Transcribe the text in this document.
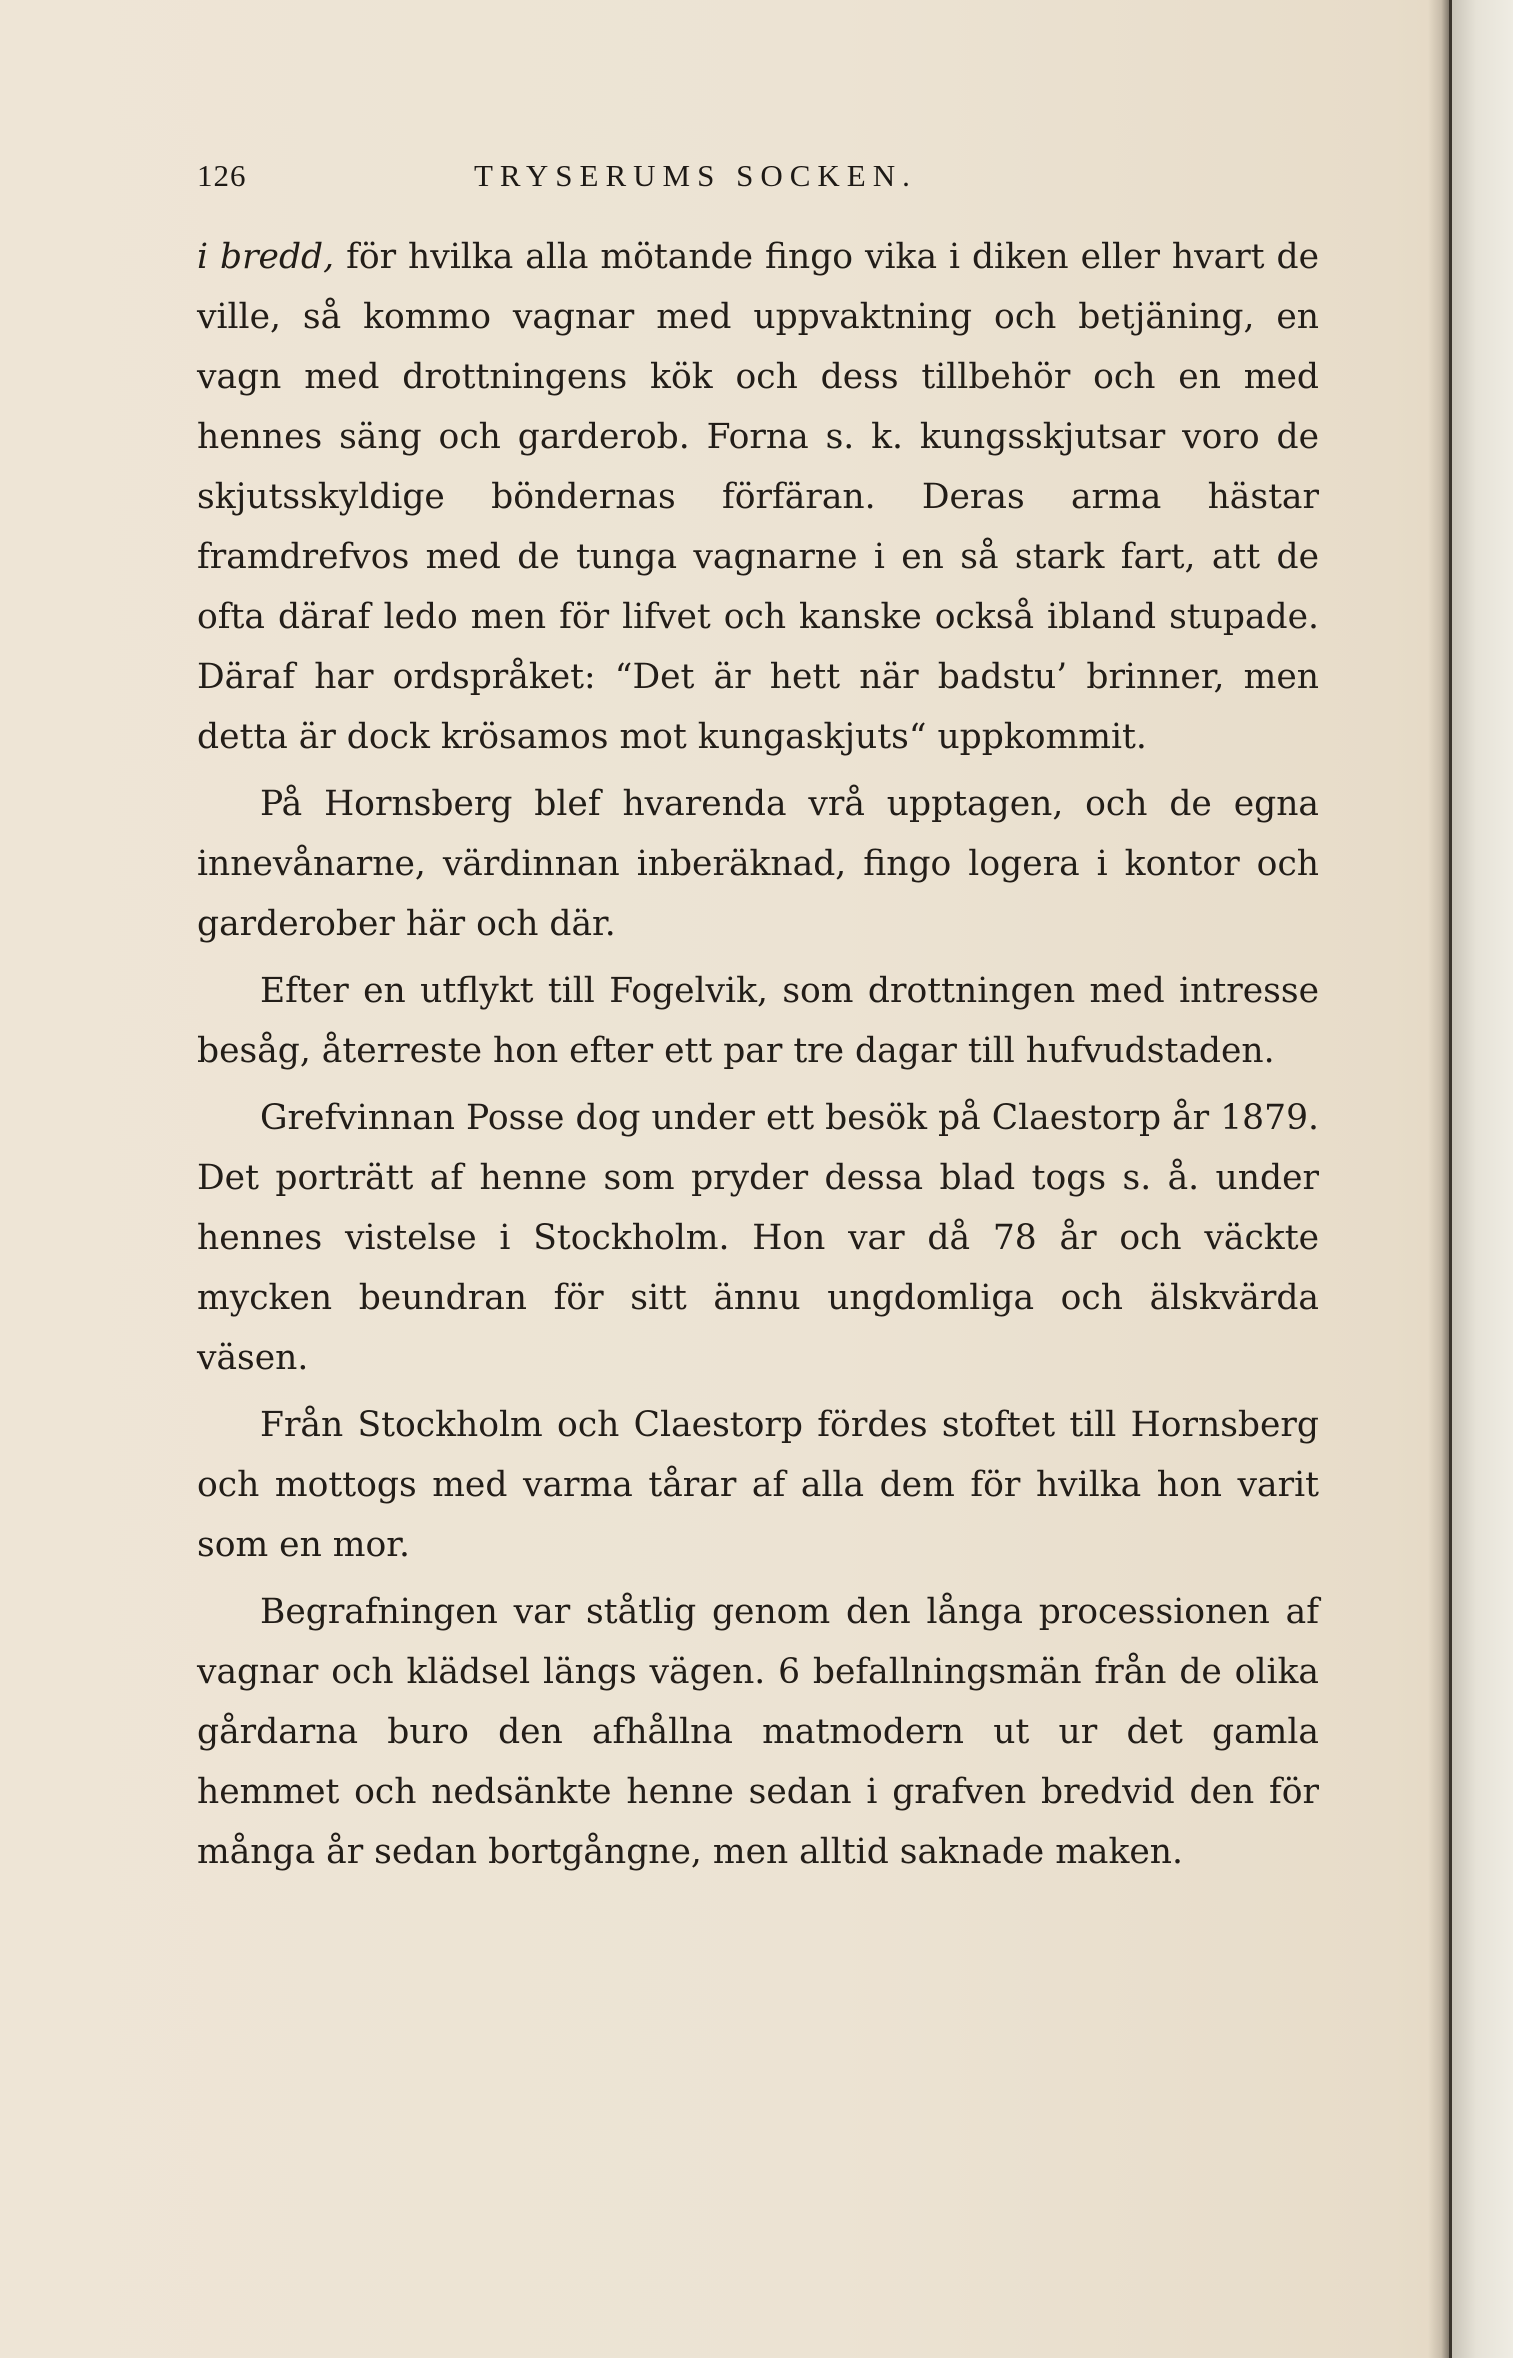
126	TRYSERUMS SOCKEN.

i bredd, för hvilka alla mötande fingo vika i diken eller hvart de ville, så kommo vagnar med uppvaktning och betjäning, en vagn med drottningens kök och dess tillbehör och en med hennes säng och garderob. Forna s. k. kungsskjutsar voro de skjutsskyldige böndernas förfäran. Deras arma hästar framdrefvos med de tunga vagnarne i en så stark fart, att de ofta däraf ledo men för lifvet och kanske också ibland stupade. Däraf har ordspråket: “Det är hett när badstu’ brinner, men detta är dock krösamos mot kungaskjuts“ uppkommit.

På Hornsberg blef hvarenda vrå upptagen, och de egna innevånarne, värdinnan inberäknad, fingo logera i kontor och garderober här och där.

Efter en utflykt till Fogelvik, som drottningen med intresse besåg, återreste hon efter ett par tre dagar till hufvudstaden.

Grefvinnan Posse dog under ett besök på Claestorp år 1879. Det porträtt af henne som pryder dessa blad togs s. å. under hennes vistelse i Stockholm. Hon var då 78 år och väckte mycken beundran för sitt ännu ungdomliga och älskvärda väsen.

Från Stockholm och Claestorp fördes stoftet till Hornsberg och mottogs med varma tårar af alla dem för hvilka hon varit som en mor.

Begrafningen var ståtlig genom den långa processionen af vagnar och klädsel längs vägen. 6 befallningsmän från de olika gårdarna buro den afhållna matmodern ut ur det gamla hemmet och nedsänkte henne sedan i grafven bredvid den för många år sedan bortgångne, men alltid saknade maken.
